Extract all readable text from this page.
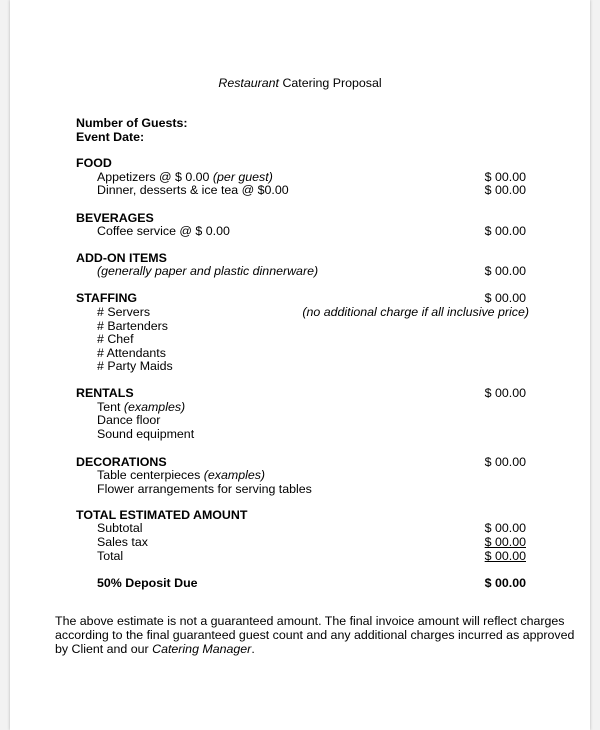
Restaurant Catering Proposal
Number of Guests:
Event Date:
FOOD
Appetizers @ $ 0.00 (per guest)	$ 00.00
Dinner, desserts & ice tea @ $0.00	$ 00.00
BEVERAGES
Coffee service @ $ 0.00	$ 00.00
ADD-ON ITEMS
(generally paper and plastic dinnerware)	$ 00.00
STAFFING	$ 00.00
# Servers	(no additional charge if all inclusive price)
# Bartenders
# Chef
# Attendants
# Party Maids
RENTALS	$ 00.00
Tent (examples)
Dance floor
Sound equipment
DECORATIONS	$ 00.00
Table centerpieces (examples)
Flower arrangements for serving tables
TOTAL ESTIMATED AMOUNT
Subtotal	$ 00.00
Sales tax	$ 00.00
Total	$ 00.00
50% Deposit Due	$ 00.00
The above estimate is not a guaranteed amount. The final invoice amount will reflect charges
according to the final guaranteed guest count and any additional charges incurred as approved
by Client and our Catering Manager.
